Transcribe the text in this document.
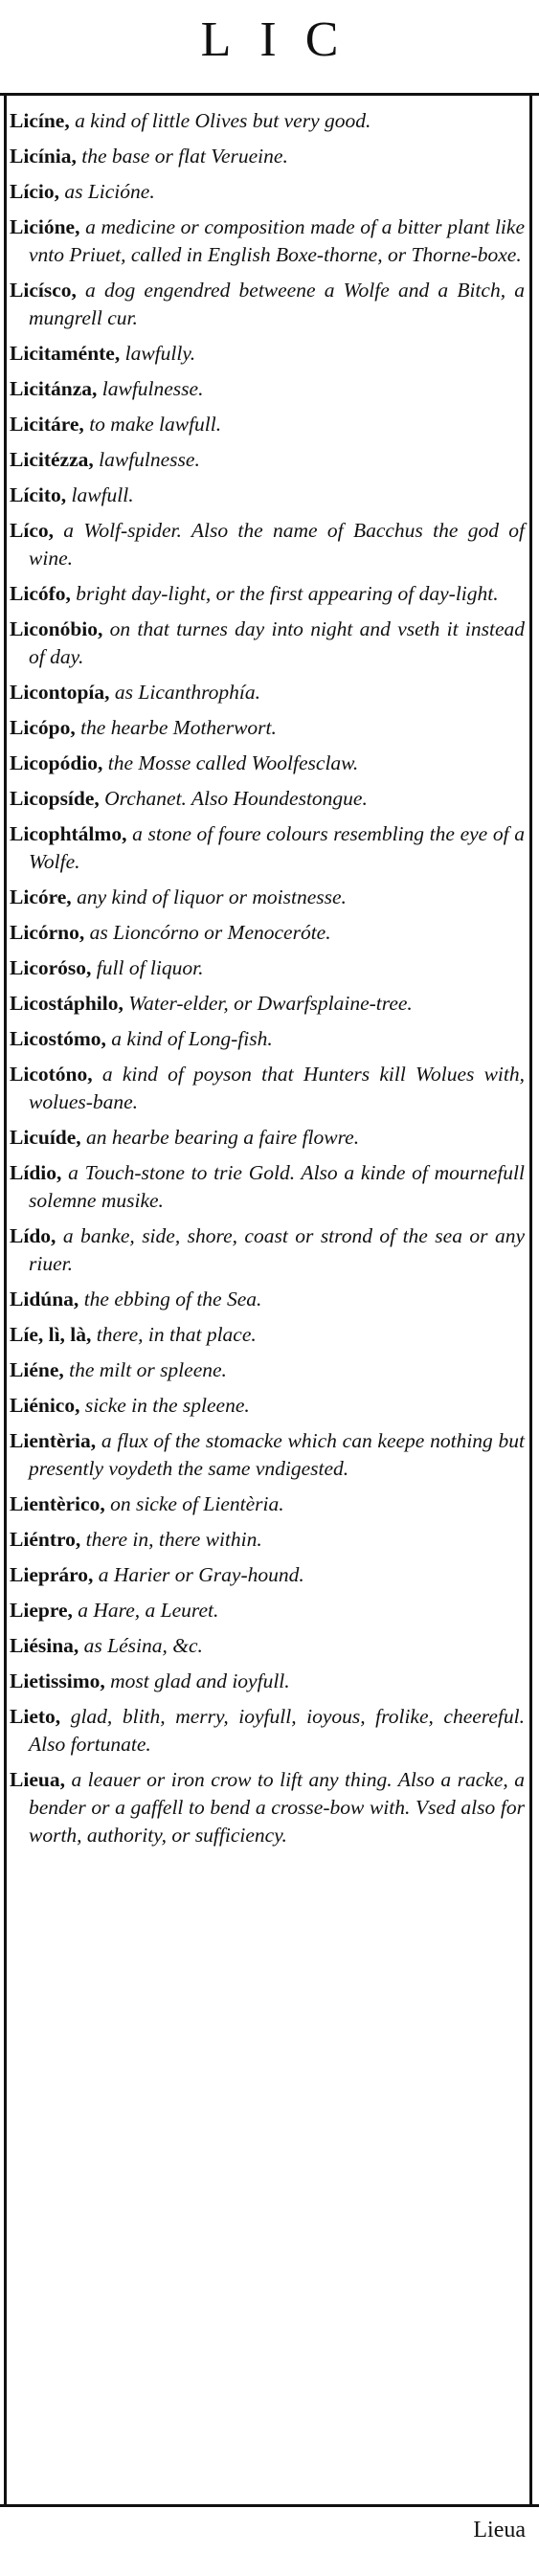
LIC

Licíne, a kind of little Olives but very good.

Licínia, the base or flat Verueine.

Lício, as Licióne.

Licióne, a medicine or composition made of a bitter plant like vnto Priuet, called in English Boxe-thorne, or Thorne-boxe.

Licísco, a dog engendred betweene a Wolfe and a Bitch, a mungrell cur.

Licitaménte, lawfully.

Licitánza, lawfulnesse.

Licitáre, to make lawfull.

Licitézza, lawfulnesse.

Lícito, lawfull.

Líco, a Wolf-spider. Also the name of Bacchus the god of wine.

Licófo, bright day-light, or the first appearing of day-light.

Liconóbio, on that turnes day into night and vseth it instead of day.

Licontopía, as Licanthrophía.

Licópo, the hearbe Motherwort.

Licopódio, the Mosse called Woolfesclaw.

Licopsíde, Orchanet. Also Houndestongue.

Licophtálmo, a stone of foure colours resembling the eye of a Wolfe.

Licóre, any kind of liquor or moistnesse.

Licórno, as Lioncórno or Menoceróte.

Licoróso, full of liquor.

Licostáphilo, Water-elder, or Dwarfsplaine-tree.

Licostómo, a kind of Long-fish.

Licotóno, a kind of poyson that Hunters kill Wolues with, wolues-bane.

Licuíde, an hearbe bearing a faire flowre.

Lídio, a Touch-stone to trie Gold. Also a kinde of mournefull solemne musike.

Lído, a banke, side, shore, coast or strond of the sea or any riuer.

Lidúna, the ebbing of the Sea.

Líe, lì, là, there, in that place.

Liéne, the milt or spleene.

Liénico, sicke in the spleene.

Lientèria, a flux of the stomacke which can keepe nothing but presently voydeth the same vndigested.

Lientèrico, on sicke of Lientèria.

Liéntro, there in, there within.

Liepráro, a Harier or Gray-hound.

Liepre, a Hare, a Leuret.

Liésina, as Lésina, &c.

Lietissimo, most glad and ioyfull.

Lieto, glad, blith, merry, ioyfull, ioyous, frolike, cheereful. Also fortunate.

Lieua, a leauer or iron crow to lift any thing. Also a racke, a bender or a gaffell to bend a crosse-bow with. Vsed also for worth, authority, or sufficiency.

Lieua
